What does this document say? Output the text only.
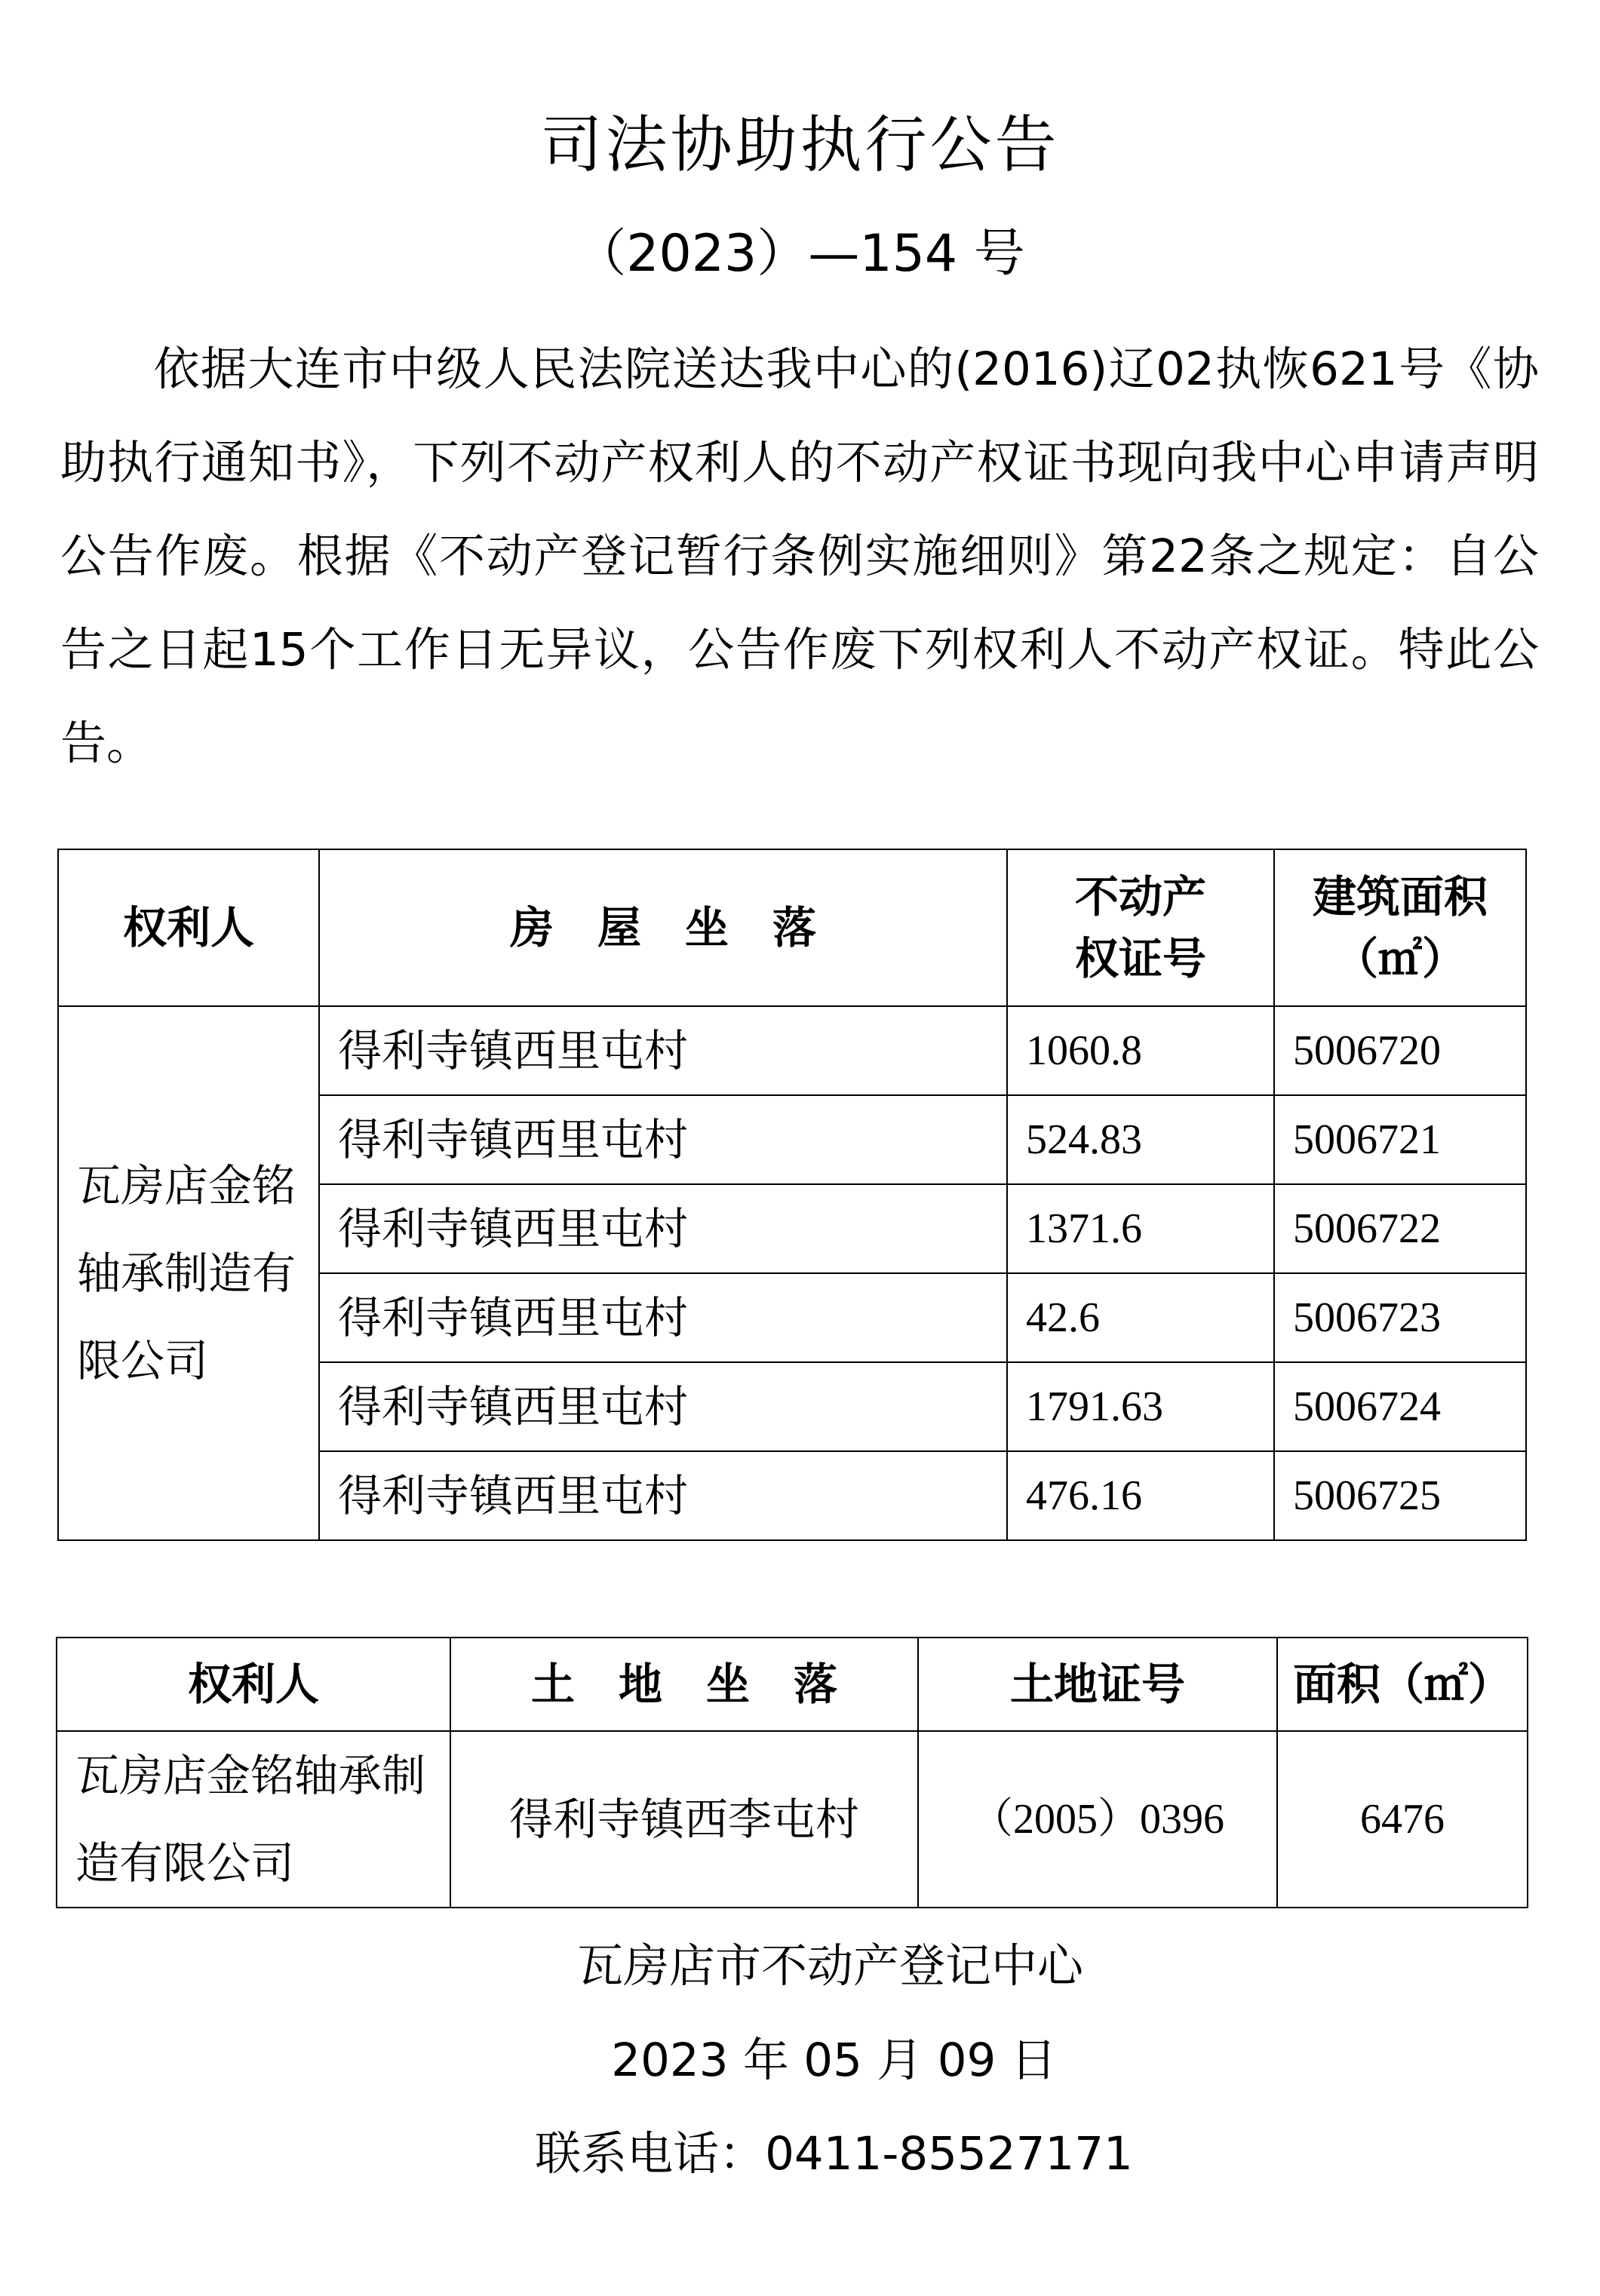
司法协助执行公告
（2023）—154 号
依据大连市中级人民法院送达我中心的(2016)辽02执恢621号《协助执行通知书》，下列不动产权利人的不动产权证书现向我中心申请声明公告作废。根据《不动产登记暂行条例实施细则》第22条之规定：自公告之日起15个工作日无异议，公告作废下列权利人不动产权证。特此公告。
权利人	房　屋　坐　落	不动产权证号	建筑面积（㎡）
瓦房店金铭轴承制造有限公司	得利寺镇西里屯村	1060.8	5006720
	得利寺镇西里屯村	524.83	5006721
	得利寺镇西里屯村	1371.6	5006722
	得利寺镇西里屯村	42.6	5006723
	得利寺镇西里屯村	1791.63	5006724
	得利寺镇西里屯村	476.16	5006725
权利人	土　地　坐　落	土地证号	面积（㎡）
瓦房店金铭轴承制造有限公司	得利寺镇西李屯村	（2005）0396	6476
瓦房店市不动产登记中心
2023 年 05 月 09 日
联系电话：0411-85527171
